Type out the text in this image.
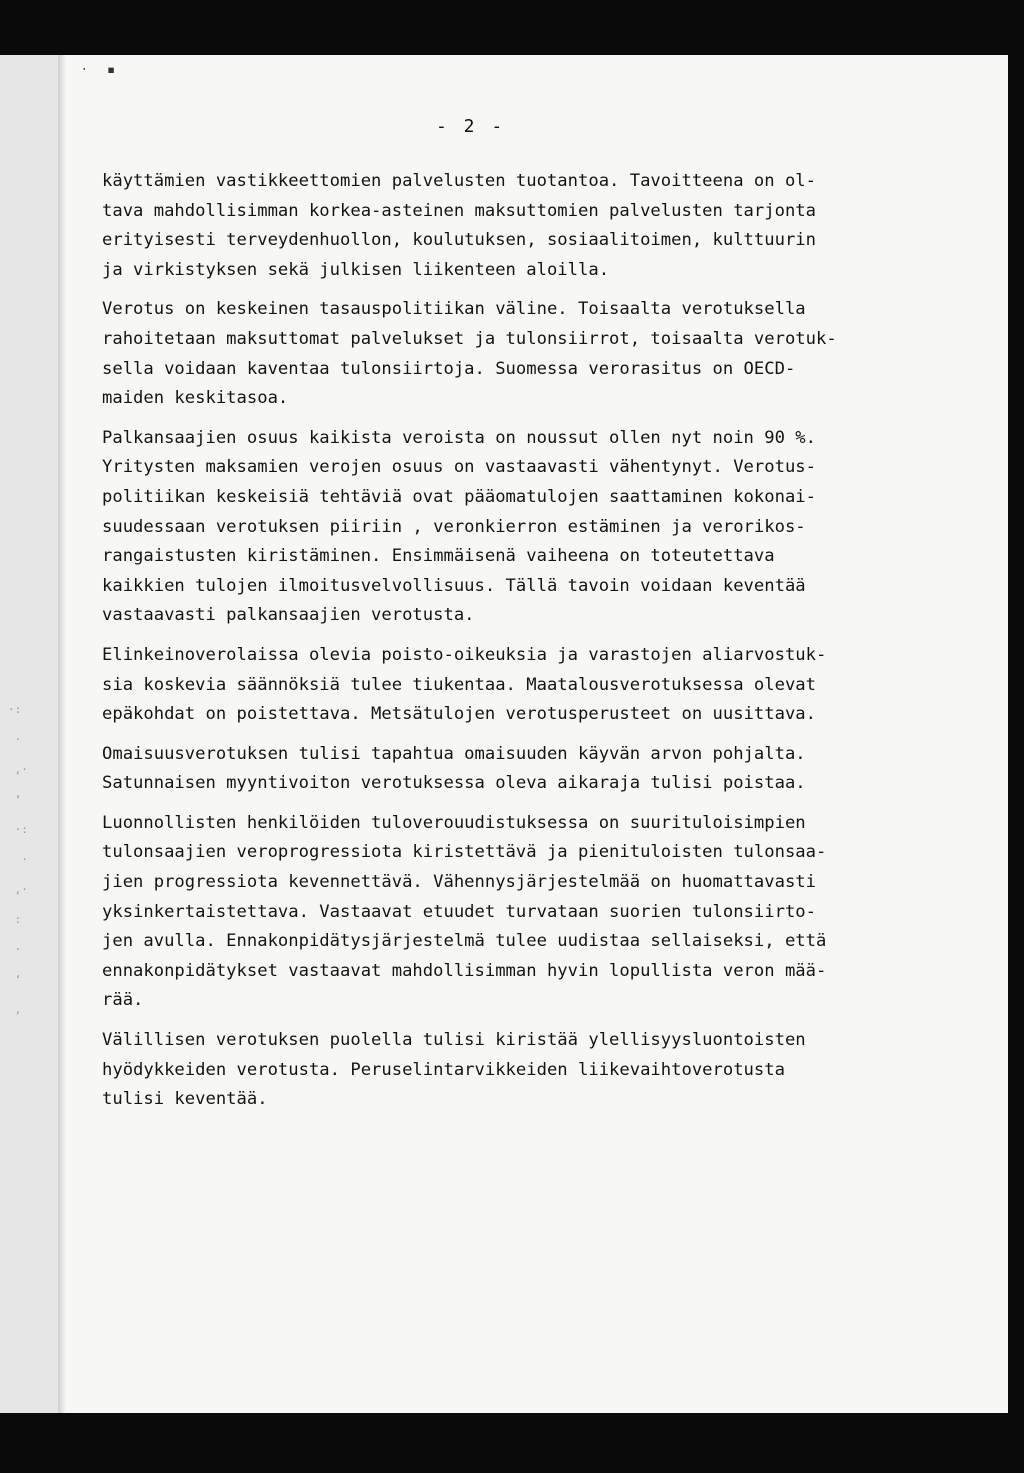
·:
·
,·
‘
·:
·
,·
:
·
‘
,
‧ ▪
- 2 -
käyttämien vastikkeettomien palvelusten tuotantoa. Tavoitteena on ol-
tava mahdollisimman korkea-asteinen maksuttomien palvelusten tarjonta
erityisesti terveydenhuollon, koulutuksen, sosiaalitoimen, kulttuurin
ja virkistyksen sekä julkisen liikenteen aloilla.
Verotus on keskeinen tasauspolitiikan väline. Toisaalta verotuksella
rahoitetaan maksuttomat palvelukset ja tulonsiirrot, toisaalta verotuk-
sella voidaan kaventaa tulonsiirtoja. Suomessa verorasitus on OECD-
maiden keskitasoa.
Palkansaajien osuus kaikista veroista on noussut ollen nyt noin 90 %.
Yritysten maksamien verojen osuus on vastaavasti vähentynyt. Verotus-
politiikan keskeisiä tehtäviä ovat pääomatulojen saattaminen kokonai-
suudessaan verotuksen piiriin , veronkierron estäminen ja verorikos-
rangaistusten kiristäminen. Ensimmäisenä vaiheena on toteutettava
kaikkien tulojen ilmoitusvelvollisuus. Tällä tavoin voidaan keventää
vastaavasti palkansaajien verotusta.
Elinkeinoverolaissa olevia poisto-oikeuksia ja varastojen aliarvostuk-
sia koskevia säännöksiä tulee tiukentaa. Maatalousverotuksessa olevat
epäkohdat on poistettava. Metsätulojen verotusperusteet on uusittava.
Omaisuusverotuksen tulisi tapahtua omaisuuden käyvän arvon pohjalta.
Satunnaisen myyntivoiton verotuksessa oleva aikaraja tulisi poistaa.
Luonnollisten henkilöiden tuloverouudistuksessa on suurituloisimpien
tulonsaajien veroprogressiota kiristettävä ja pienituloisten tulonsaa-
jien progressiota kevennettävä. Vähennysjärjestelmää on huomattavasti
yksinkertaistettava. Vastaavat etuudet turvataan suorien tulonsiirto-
jen avulla. Ennakonpidätysjärjestelmä tulee uudistaa sellaiseksi, että
ennakonpidätykset vastaavat mahdollisimman hyvin lopullista veron mää-
rää.
Välillisen verotuksen puolella tulisi kiristää ylellisyysluontoisten
hyödykkeiden verotusta. Peruselintarvikkeiden liikevaihtoverotusta
tulisi keventää.
